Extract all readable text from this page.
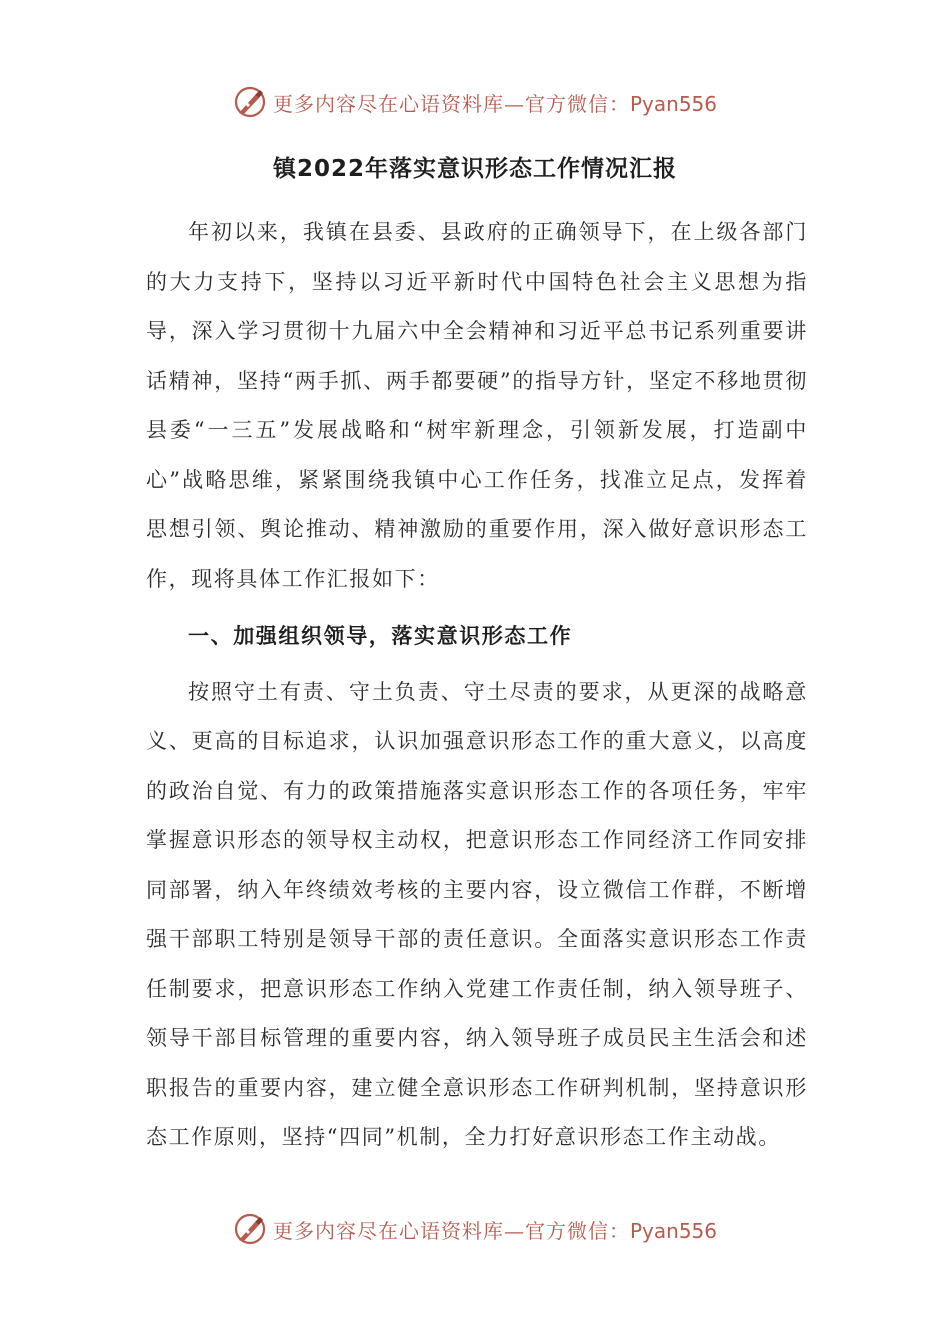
更多内容尽在心语资料库—官方微信：Pyan556
镇2022年落实意识形态工作情况汇报

年初以来，我镇在县委、县政府的正确领导下，在上级各部门的大力支持下，坚持以习近平新时代中国特色社会主义思想为指导，深入学习贯彻十九届六中全会精神和习近平总书记系列重要讲话精神，坚持“两手抓、两手都要硬”的指导方针，坚定不移地贯彻县委“一三五”发展战略和“树牢新理念，引领新发展，打造副中心”战略思维，紧紧围绕我镇中心工作任务，找准立足点，发挥着思想引领、舆论推动、精神激励的重要作用，深入做好意识形态工作，现将具体工作汇报如下：

一、加强组织领导，落实意识形态工作

按照守土有责、守土负责、守土尽责的要求，从更深的战略意义、更高的目标追求，认识加强意识形态工作的重大意义，以高度的政治自觉、有力的政策措施落实意识形态工作的各项任务，牢牢掌握意识形态的领导权主动权，把意识形态工作同经济工作同安排同部署，纳入年终绩效考核的主要内容，设立微信工作群，不断增强干部职工特别是领导干部的责任意识。全面落实意识形态工作责任制要求，把意识形态工作纳入党建工作责任制，纳入领导班子、领导干部目标管理的重要内容，纳入领导班子成员民主生活会和述职报告的重要内容，建立健全意识形态工作研判机制，坚持意识形态工作原则，坚持“四同”机制，全力打好意识形态工作主动战。

更多内容尽在心语资料库—官方微信：Pyan556
